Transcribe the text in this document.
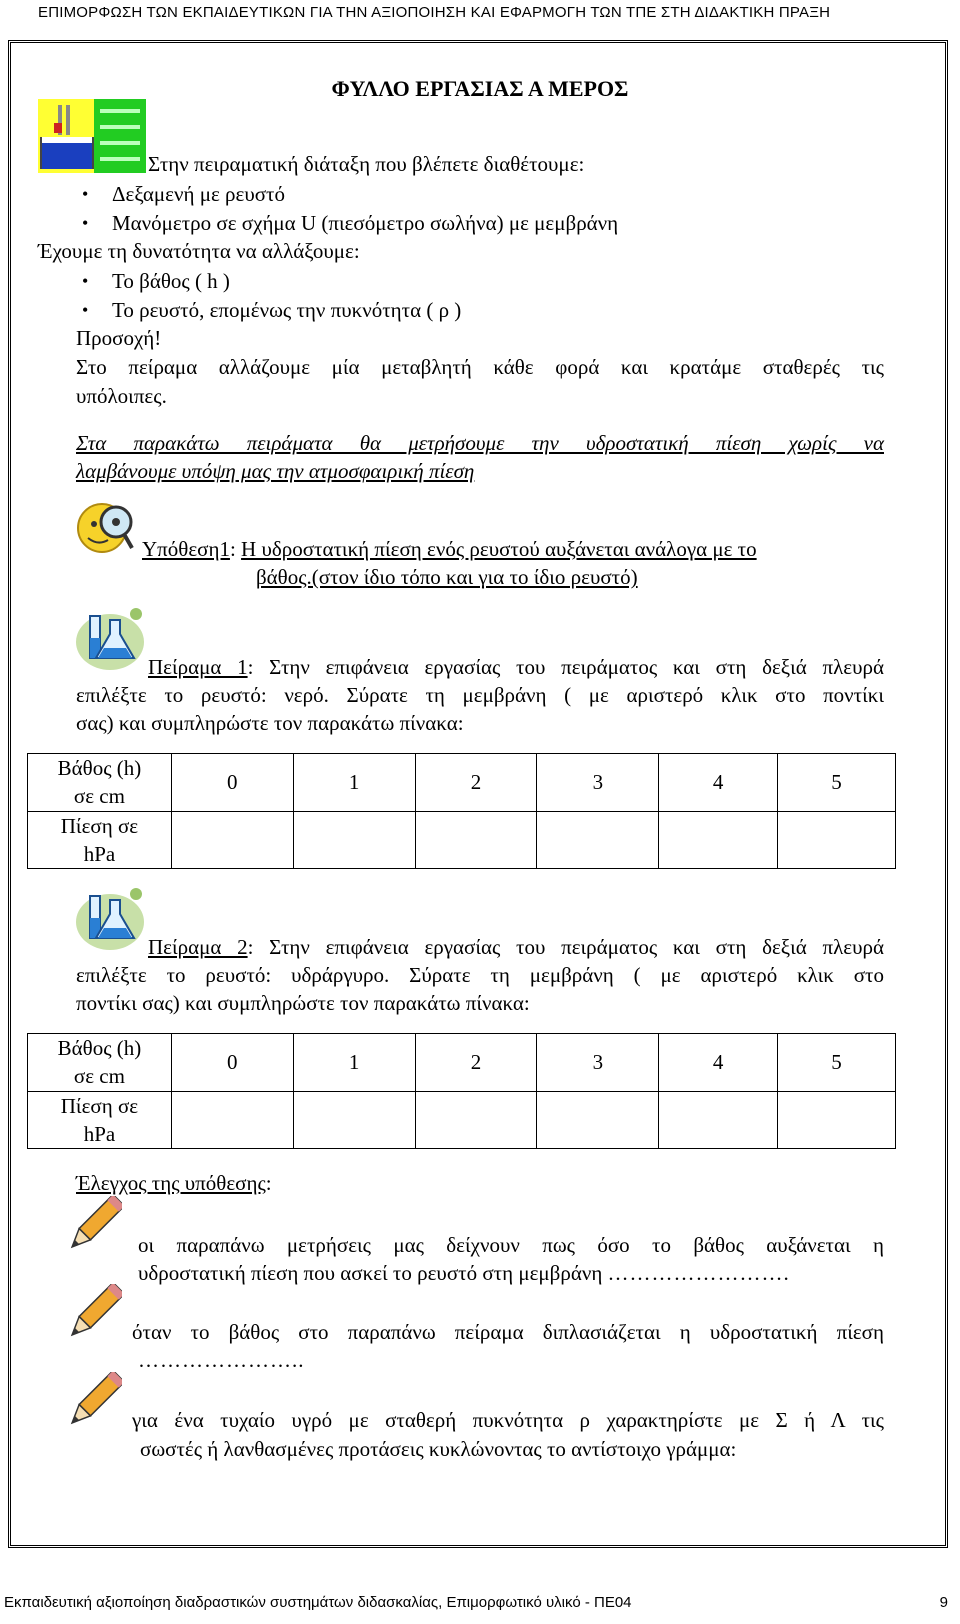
ΕΠΙΜΟΡΦΩΣΗ ΤΩΝ ΕΚΠΑΙΔΕΥΤΙΚΩΝ ΓΙΑ ΤΗΝ ΑΞΙΟΠΟΙΗΣΗ ΚΑΙ ΕΦΑΡΜΟΓΗ ΤΩΝ ΤΠΕ ΣΤΗ ΔΙΔΑΚΤΙΚΗ ΠΡΑΞΗ
ΦΥΛΛΟ ΕΡΓΑΣΙΑΣ Α ΜΕΡΟΣ
Στην πειραματική διάταξη που βλέπετε διαθέτουμε:
• Δεξαμενή με ρευστό
• Μανόμετρο σε σχήμα U (πιεσόμετρο σωλήνα) με μεμβράνη
Έχουμε τη δυνατότητα να αλλάξουμε:
• Το βάθος ( h )
• Το ρευστό, επομένως την πυκνότητα ( ρ )
Προσοχή!
Στο πείραμα αλλάζουμε μία μεταβλητή κάθε φορά και κρατάμε σταθερές τις
υπόλοιπες.
Στα παρακάτω πειράματα θα μετρήσουμε την υδροστατική πίεση χωρίς να
λαμβάνουμε υπόψη μας την ατμοσφαιρική πίεση
Υπόθεση1: Η υδροστατική πίεση ενός ρευστού αυξάνεται ανάλογα με το
βάθος.(στον ίδιο τόπο και για το ίδιο ρευστό)
Πείραμα 1: Στην επιφάνεια εργασίας του πειράματος και στη δεξιά πλευρά
επιλέξτε το ρευστό: νερό. Σύρατε τη μεμβράνη ( με αριστερό κλικ στο ποντίκι
σας) και συμπληρώστε τον παρακάτω πίνακα:
Βάθος (h)
σε cm	0	1	2	3	4	5
Πίεση σε
hPa						
Πείραμα 2: Στην επιφάνεια εργασίας του πειράματος και στη δεξιά πλευρά
επιλέξτε το ρευστό: υδράργυρο. Σύρατε τη μεμβράνη ( με αριστερό κλικ στο
ποντίκι σας) και συμπληρώστε τον παρακάτω πίνακα:
Βάθος (h)
σε cm	0	1	2	3	4	5
Πίεση σε
hPa						
Έλεγχος της υπόθεσης:
οι παραπάνω μετρήσεις μας δείχνουν πως όσο το βάθος αυξάνεται η
υδροστατική πίεση που ασκεί το ρευστό στη μεμβράνη …………………….
όταν το βάθος στο παραπάνω πείραμα διπλασιάζεται η υδροστατική πίεση
…………………..
για ένα τυχαίο υγρό με σταθερή πυκνότητα ρ χαρακτηρίστε με Σ ή Λ τις
σωστές ή λανθασμένες προτάσεις κυκλώνοντας το αντίστοιχο γράμμα:
Εκπαιδευτική αξιοποίηση διαδραστικών συστημάτων διδασκαλίας, Επιμορφωτικό υλικό - ΠΕ04	9
